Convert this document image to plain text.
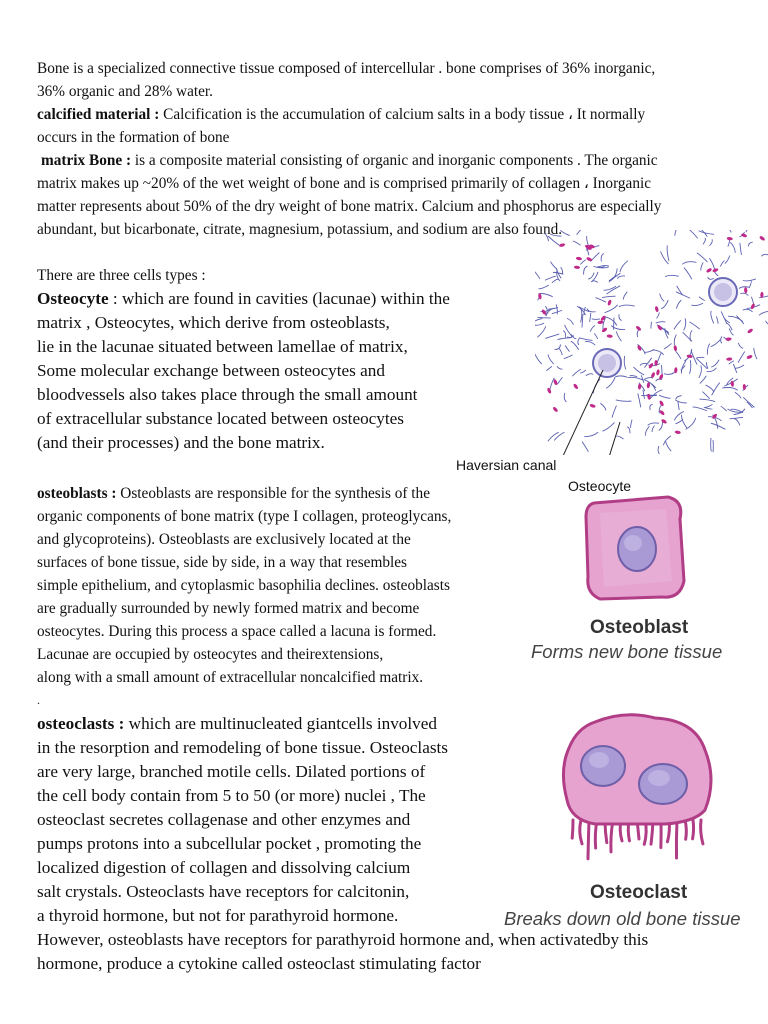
Bone is a specialized connective tissue composed of intercellular . bone comprises of 36% inorganic,
36% organic and 28% water.
calcified material : Calcification is the accumulation of calcium salts in a body tissue ، It normally
occurs in the formation of bone
matrix Bone : is a composite material consisting of organic and inorganic components . The organic
matrix makes up ~20% of the wet weight of bone and is comprised primarily of collagen ، Inorganic
matter represents about 50% of the dry weight of bone matrix. Calcium and phosphorus are especially
abundant, but bicarbonate, citrate, magnesium, potassium, and sodium are also found.
There are three cells types :
Osteocyte : which are found in cavities (lacunae) within the
matrix , Osteocytes, which derive from osteoblasts,
lie in the lacunae situated between lamellae of matrix,
Some molecular exchange between osteocytes and
bloodvessels also takes place through the small amount
of extracellular substance located between osteocytes
(and their processes) and the bone matrix.
osteoblasts : Osteoblasts are responsible for the synthesis of the
organic components of bone matrix (type I collagen, proteoglycans,
and glycoproteins). Osteoblasts are exclusively located at the
surfaces of bone tissue, side by side, in a way that resembles
simple epithelium, and cytoplasmic basophilia declines. osteoblasts
are gradually surrounded by newly formed matrix and become
osteocytes. During this process a space called a lacuna is formed.
Lacunae are occupied by osteocytes and theirextensions,
along with a small amount of extracellular noncalcified matrix.
.
osteoclasts : which are multinucleated giantcells involved
in the resorption and remodeling of bone tissue. Osteoclasts
are very large, branched motile cells. Dilated portions of
the cell body contain from 5 to 50 (or more) nuclei , The
osteoclast secretes collagenase and other enzymes and
pumps protons into a subcellular pocket , promoting the
localized digestion of collagen and dissolving calcium
salt crystals. Osteoclasts have receptors for calcitonin,
a thyroid hormone, but not for parathyroid hormone.
However, osteoblasts have receptors for parathyroid hormone and, when activatedby this
hormone, produce a cytokine called osteoclast stimulating factor
Haversian canal
Osteocyte
Osteoblast
Forms new bone tissue
Osteoclast
Breaks down old bone tissue
